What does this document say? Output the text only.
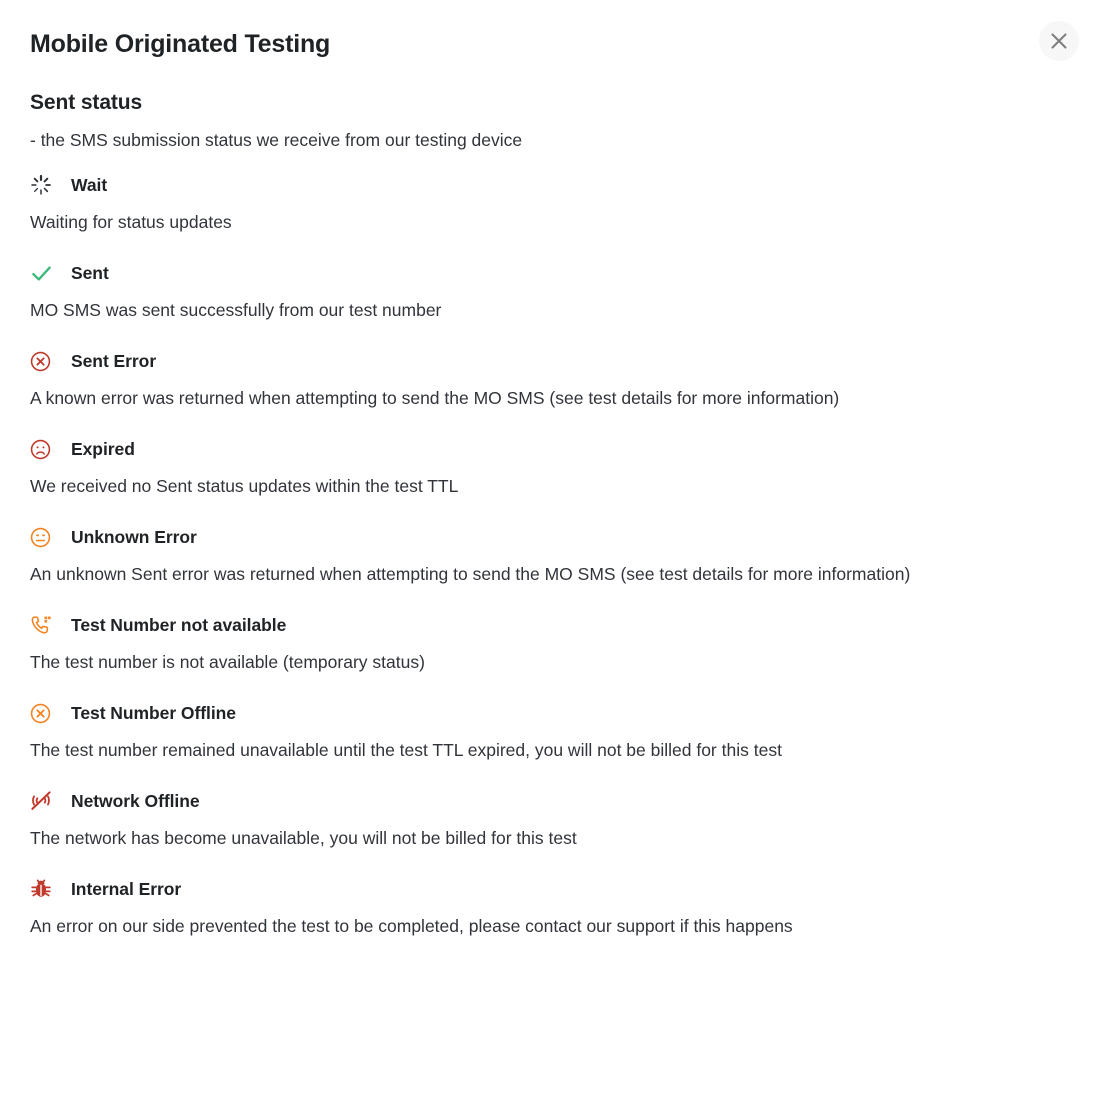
Mobile Originated Testing
Sent status

- the SMS submission status we receive from our testing device

Wait
Waiting for status updates
Sent
MO SMS was sent successfully from our test number
Sent Error
A known error was returned when attempting to send the MO SMS (see test details for more information)
Expired
We received no Sent status updates within the test TTL
Unknown Error
An unknown Sent error was returned when attempting to send the MO SMS (see test details for more information)
Test Number not available
The test number is not available (temporary status)
Test Number Offline
The test number remained unavailable until the test TTL expired, you will not be billed for this test
Network Offline
The network has become unavailable, you will not be billed for this test
Internal Error
An error on our side prevented the test to be completed, please contact our support if this happens
